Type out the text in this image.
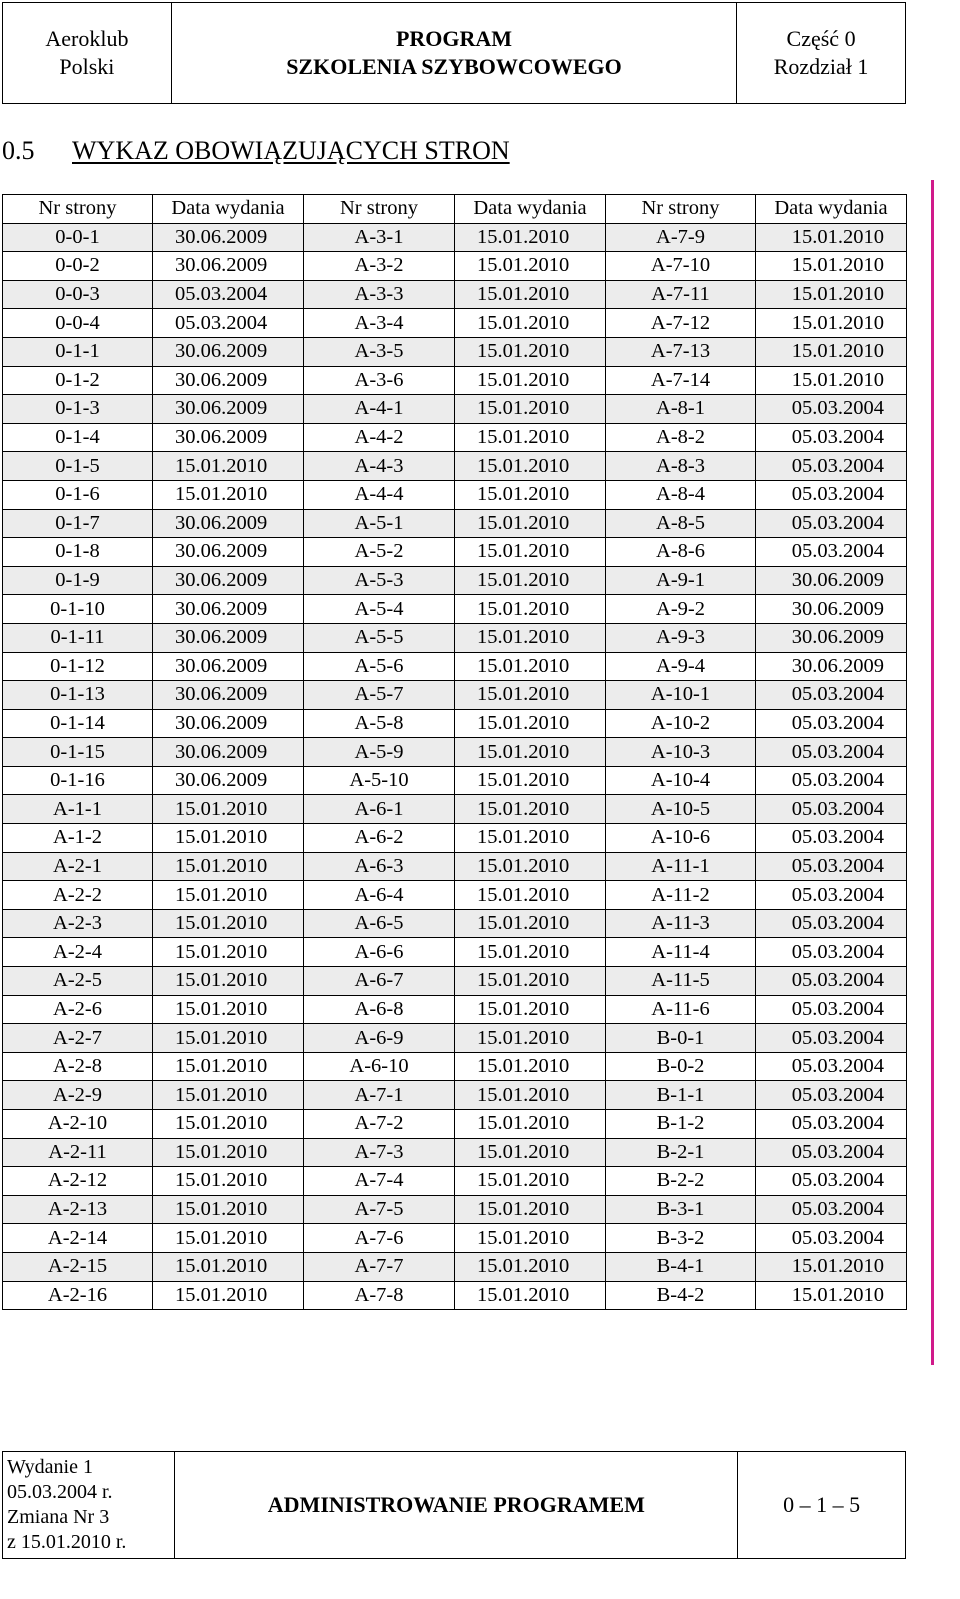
Aeroklub
Polski

PROGRAM
SZKOLENIA SZYBOWCOWEGO

Część 0
Rozdział 1
0.5 WYKAZ OBOWIĄZUJĄCYCH STRON
Nr strony	Data wydania	Nr strony	Data wydania	Nr strony	Data wydania
0-0-1	30.06.2009	A-3-1	15.01.2010	A-7-9	15.01.2010
0-0-2	30.06.2009	A-3-2	15.01.2010	A-7-10	15.01.2010
0-0-3	05.03.2004	A-3-3	15.01.2010	A-7-11	15.01.2010
0-0-4	05.03.2004	A-3-4	15.01.2010	A-7-12	15.01.2010
0-1-1	30.06.2009	A-3-5	15.01.2010	A-7-13	15.01.2010
0-1-2	30.06.2009	A-3-6	15.01.2010	A-7-14	15.01.2010
0-1-3	30.06.2009	A-4-1	15.01.2010	A-8-1	05.03.2004
0-1-4	30.06.2009	A-4-2	15.01.2010	A-8-2	05.03.2004
0-1-5	15.01.2010	A-4-3	15.01.2010	A-8-3	05.03.2004
0-1-6	15.01.2010	A-4-4	15.01.2010	A-8-4	05.03.2004
0-1-7	30.06.2009	A-5-1	15.01.2010	A-8-5	05.03.2004
0-1-8	30.06.2009	A-5-2	15.01.2010	A-8-6	05.03.2004
0-1-9	30.06.2009	A-5-3	15.01.2010	A-9-1	30.06.2009
0-1-10	30.06.2009	A-5-4	15.01.2010	A-9-2	30.06.2009
0-1-11	30.06.2009	A-5-5	15.01.2010	A-9-3	30.06.2009
0-1-12	30.06.2009	A-5-6	15.01.2010	A-9-4	30.06.2009
0-1-13	30.06.2009	A-5-7	15.01.2010	A-10-1	05.03.2004
0-1-14	30.06.2009	A-5-8	15.01.2010	A-10-2	05.03.2004
0-1-15	30.06.2009	A-5-9	15.01.2010	A-10-3	05.03.2004
0-1-16	30.06.2009	A-5-10	15.01.2010	A-10-4	05.03.2004
A-1-1	15.01.2010	A-6-1	15.01.2010	A-10-5	05.03.2004
A-1-2	15.01.2010	A-6-2	15.01.2010	A-10-6	05.03.2004
A-2-1	15.01.2010	A-6-3	15.01.2010	A-11-1	05.03.2004
A-2-2	15.01.2010	A-6-4	15.01.2010	A-11-2	05.03.2004
A-2-3	15.01.2010	A-6-5	15.01.2010	A-11-3	05.03.2004
A-2-4	15.01.2010	A-6-6	15.01.2010	A-11-4	05.03.2004
A-2-5	15.01.2010	A-6-7	15.01.2010	A-11-5	05.03.2004
A-2-6	15.01.2010	A-6-8	15.01.2010	A-11-6	05.03.2004
A-2-7	15.01.2010	A-6-9	15.01.2010	B-0-1	05.03.2004
A-2-8	15.01.2010	A-6-10	15.01.2010	B-0-2	05.03.2004
A-2-9	15.01.2010	A-7-1	15.01.2010	B-1-1	05.03.2004
A-2-10	15.01.2010	A-7-2	15.01.2010	B-1-2	05.03.2004
A-2-11	15.01.2010	A-7-3	15.01.2010	B-2-1	05.03.2004
A-2-12	15.01.2010	A-7-4	15.01.2010	B-2-2	05.03.2004
A-2-13	15.01.2010	A-7-5	15.01.2010	B-3-1	05.03.2004
A-2-14	15.01.2010	A-7-6	15.01.2010	B-3-2	05.03.2004
A-2-15	15.01.2010	A-7-7	15.01.2010	B-4-1	15.01.2010
A-2-16	15.01.2010	A-7-8	15.01.2010	B-4-2	15.01.2010
Wydanie 1
05.03.2004 r.
Zmiana Nr 3
z 15.01.2010 r.
	ADMINISTROWANIE PROGRAMEM	0 – 1 – 5
